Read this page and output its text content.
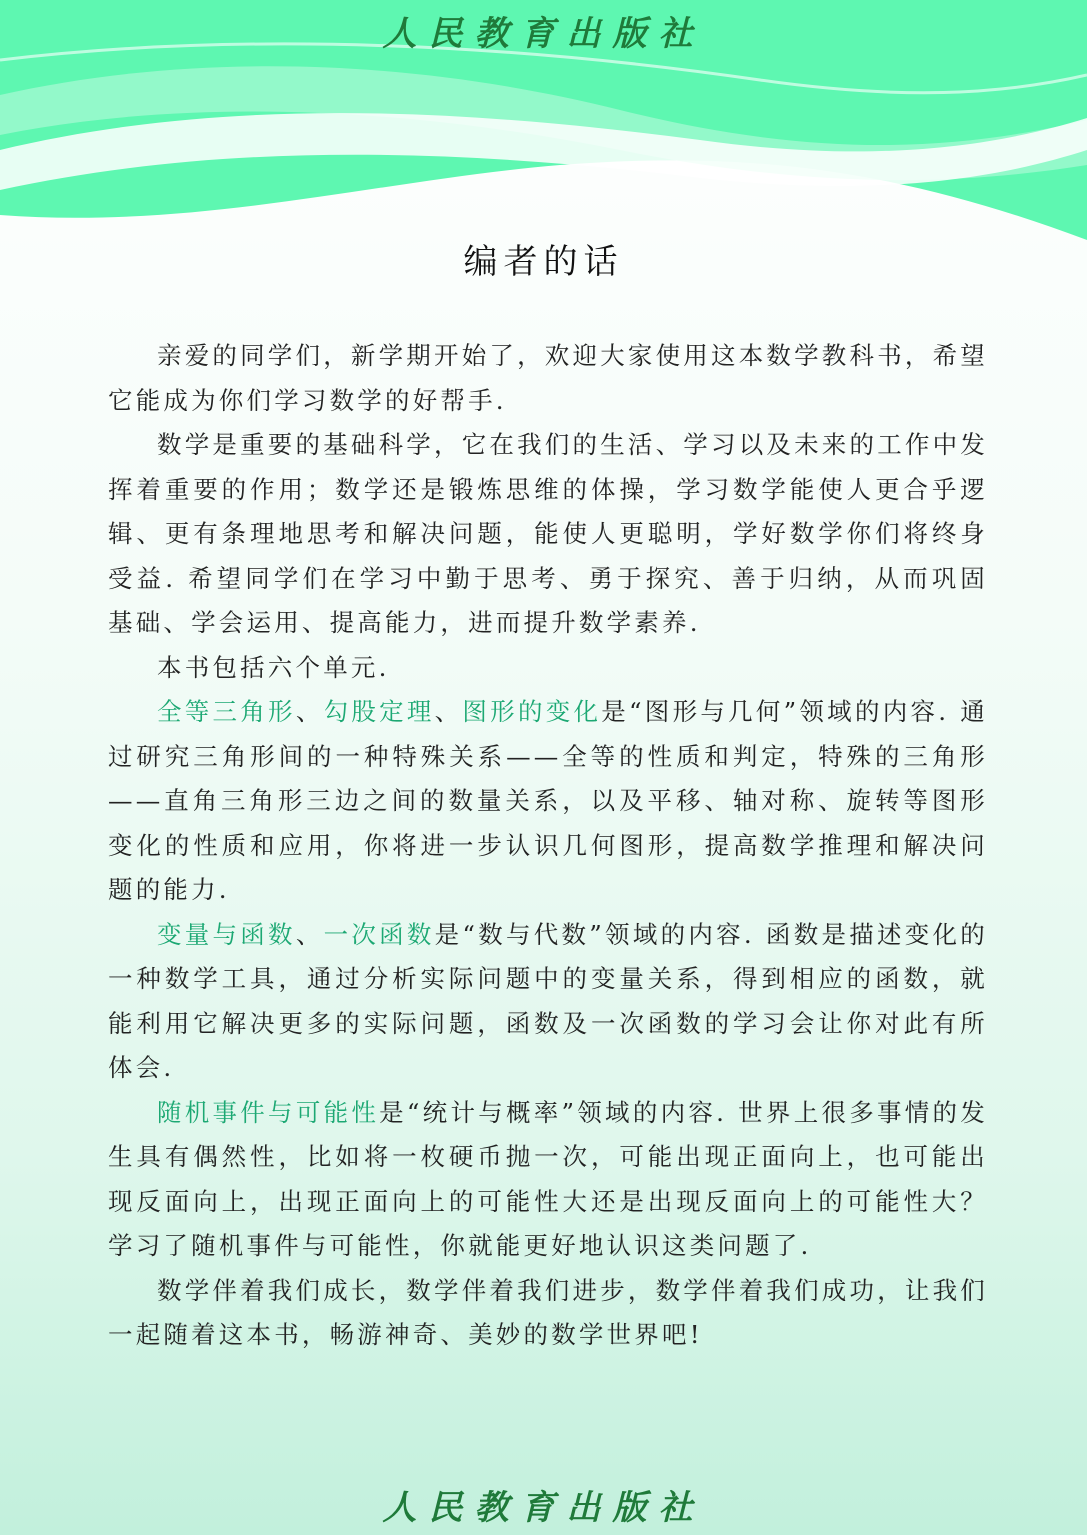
人民教育出版社
编者的话

亲爱的同学们，新学期开始了，欢迎大家使用这本数学教科书，希望它能成为你们学习数学的好帮手.

数学是重要的基础科学，它在我们的生活、学习以及未来的工作中发挥着重要的作用；数学还是锻炼思维的体操，学习数学能使人更合乎逻辑、更有条理地思考和解决问题，能使人更聪明，学好数学你们将终身受益. 希望同学们在学习中勤于思考、勇于探究、善于归纳，从而巩固基础、学会运用、提高能力，进而提升数学素养.

本书包括六个单元.

全等三角形、勾股定理、图形的变化是“图形与几何”领域的内容. 通过研究三角形间的一种特殊关系——全等的性质和判定，特殊的三角形——直角三角形三边之间的数量关系，以及平移、轴对称、旋转等图形变化的性质和应用，你将进一步认识几何图形，提高数学推理和解决问题的能力.

变量与函数、一次函数是“数与代数”领域的内容. 函数是描述变化的一种数学工具，通过分析实际问题中的变量关系，得到相应的函数，就能利用它解决更多的实际问题，函数及一次函数的学习会让你对此有所体会.

随机事件与可能性是“统计与概率”领域的内容. 世界上很多事情的发生具有偶然性，比如将一枚硬币抛一次，可能出现正面向上，也可能出现反面向上，出现正面向上的可能性大还是出现反面向上的可能性大？学习了随机事件与可能性，你就能更好地认识这类问题了.

数学伴着我们成长，数学伴着我们进步，数学伴着我们成功，让我们一起随着这本书，畅游神奇、美妙的数学世界吧!

人民教育出版社
